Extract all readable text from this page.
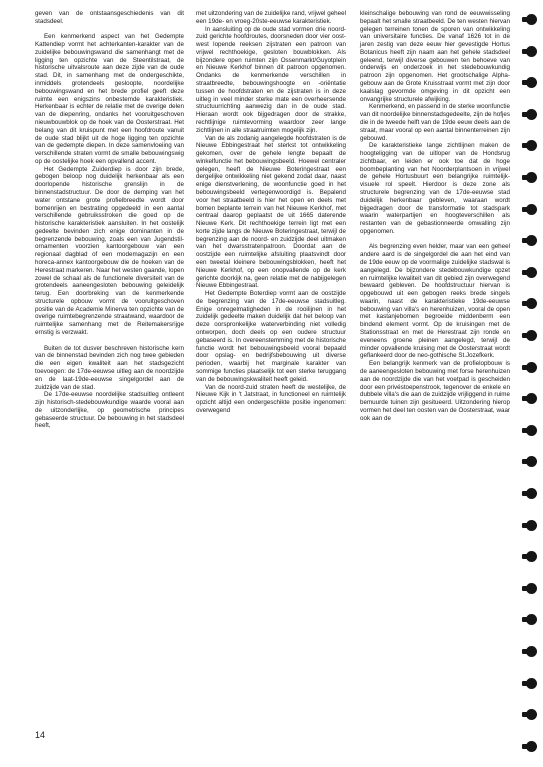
geven van de ontstaansgeschiedenis van dit stadsdeel.

Een kenmerkend aspect van het Gedempte Kattendiep vormt het achterkanten-karakter van de zuidelijke bebouwingswand die samenhangt met de ligging ten opzichte van de Steentilstraat, de historische uitvalsroute aan deze zijde van de oude stad. Dit, in samenhang met de ondergeschikte, inmiddels grotendeels gesloopte, noordelijke bebouwingswand en het brede profiel geeft deze ruimte een enigszins onbestemde karakteristiek. Herkenbaar is echter de relatie met de overige delen van de diepenring, ondanks het vooruitgeschoven nieuwbouwblok op de hoek van de Oosterstraat. Het belang van dit kruispunt met een hoofdroute vanuit de oude stad blijkt uit de hoge ligging ten opzichte van de gedempte diepen. In deze samenvloeiing van verschillende straten vormt de smalle bebouwingswig op de oostelijke hoek een opvallend accent.

Het Gedempte Zuiderdiep is door zijn brede, gebogen beloop nog duidelijk herkenbaar als een doorlopende historische grenslijn in de binnenstadstructuur. De door de demping van het water ontstane grote profielbreedte wordt door bomenrijen en bestrating opgedeeld in een aantal verschillende gebruiksstroken die goed op de historische karakteristiek aansluiten. In het oostelijk gedeelte bevinden zich enige dominanten in de begrenzende bebouwing, zoals een van Jugendstil-ornamenten voorzien kantoorgebouw van een regionaal dagblad of een modemagazijn en een horeca-annex kantoorgebouw die de hoeken van de Herestraat markeren. Naar het westen gaande, lopen zowel de schaal als de functionele diversiteit van de grotendeels aaneengesloten bebouwing geleidelijk terug. Een doorbreking van de kenmerkende structurele opbouw vormt de vooruitgeschoven positie van de Academie Minerva ten opzichte van de overige ruimtebegrenzende straatwand, waardoor de ruimtelijke samenhang met de Reitemakersrijge ernstig is verzwakt.

Buiten de tot dusver beschreven historische kern van de binnenstad bevinden zich nog twee gebieden die een eigen kwaliteit aan het stadsgezicht toevoegen: de 17de-eeuwse uitleg aan de noordzijde en de laat-19de-eeuwse singelgordel aan de zuidzijde van de stad.

De 17de-eeuwse noordelijke stadsuitleg ontleent zijn historisch-stedebouwkundige waarde vooral aan de uitzonderlijke, op geometrische principes gebaseerde structuur. De bebouwing in het stadsdeel heeft,

met uitzondering van de zuidelijke rand, vrijwel geheel een 19de- en vroeg-20ste-eeuwse karakteristiek.

In aansluiting op de oude stad vormen drie noord-zuid gerichte hoofdroutes, doorsneden door vier oost-west lopende reeksen zijstraten een patroon van vrijwel rechthoekige, gesloten bouwblokken. Als bijzondere open ruimten zijn Ossenmarkt/Guyotplein en Nieuwe Kerkhof binnen dit patroon opgenomen. Ondanks de kenmerkende verschillen in straatbreedte, bebouwingshoogte en -oriëntatie tussen de hoofdstraten en de zijstraten is in deze uitleg in veel minder sterke mate een overheersende structuurrichting aanwezig dan in de oude stad. Hieraan wordt ook bijgedragen door de strakke, rechtlijnige ruimtevorming waardoor zeer lange zichtlijnen in alle straatruimten mogelijk zijn.

Van de als zodanig aangelegde hoofdstraten is de Nieuwe Ebbingestraat het sterkst tot ontwikkeling gekomen, over de gehele lengte bepaalt de winkelfunctie het bebouwingsbeeld. Hoewel centraler gelegen, heeft de Nieuwe Boteringestraat een dergelijke ontwikkeling niet gekend zodat daar, naast enige dienstverlening, de woonfunctie goed in het bebouwingsbeeld vertegenwoordigd is. Bepalend voor het straatbeeld is hier het open en deels met bomen beplante terrein van het Nieuwe Kerkhof, met centraal daarop geplaatst de uit 1665 daterende Nieuwe Kerk. Dit rechthoekige terrein ligt met een korte zijde langs de Nieuwe Boteringestraat, terwijl de begrenzing aan de noord- en zuidzijde deel uitmaken van het dwarsstratenpatroon. Doordat aan de oostzijde een ruimtelijke afsluiting plaatsvindt door een tweetal kleinere bebouwingsblokken, heeft het Nieuwe Kerkhof, op een onopvallende op de kerk gerichte doorkijk na, geen relatie met de nabijgelegen Nieuwe Ebbingestraat.

Het Gedempte Boterdiep vormt aan de oostzijde de begrenzing van de 17de-eeuwse stadsuitleg. Enige onregelmatigheden in de rooilijnen in het zuidelijk gedeelte maken duidelijk dat het beloop van deze oorspronkelijke waterverbinding niet volledig ontworpen, doch deels op een oudere structuur gebaseerd is. In overeenstemming met de historische functie wordt het bebouwingsbeeld vooral bepaald door opslag- en bedrijfsbebouwing uit diverse perioden, waarbij het marginale karakter van sommige functies plaatselijk tot een sterke teruggang van de bebouwingskwaliteit heeft geleid.

Van de noord-zuid straten heeft de westelijke, de Nieuwe Kijk in 't Jatstraat, in functioneel en ruimtelijk opzicht altijd een ondergeschikte positie ingenomen: overwegend

kleinschalige bebouwing van rond de eeuwwisseling bepaalt het smalle straatbeeld. De ten westen hiervan gelegen terreinen tonen de sporen van ontwikkeling van universitaire functies. De vanaf 1626 tot in de jaren zestig van deze eeuw hier gevestigde Hortus Botanicus heeft zijn naam aan het gehele stadsdeel geleend, terwijl diverse gebouwen ten behoeve van onderwijs en onderzoek in het stedebouwkundig patroon zijn opgenomen. Het grootschalige Alpha-gebouw aan de Grote Kruisstraat vormt met zijn door kaalslag gevormde omgeving in dit opzicht een onvangrijke structurele afwijking.

Kenmerkend, en passend in de sterke woonfunctie van dit noordelijke binnenstadsgedeelte, zijn de hofjes die in de tweede helft van de 19de eeuw deels aan de straat, maar vooral op een aantal binnenterreinen zijn gebouwd.

De karakteristieke lange zichtlijnen maken de hoogteligging van de uitloper van de Hondsrug zichtbaar, en leiden er ook toe dat de hoge boombeplanting van het Noorderplantsoen in vrijwel de gehele Hortusbuurt een belangrijke ruimtelijk-visuele rol speelt. Hierdoor is deze zone als structurele begrenzing van de 17de-eeuwse stad duidelijk herkenbaar gebleven, waaraan wordt bijgedragen door de transformatie tot stadspark waarin waterpartijen en hoogteverschillen als restanten van de gebastionneerde omwalling zijn opgenomen.

Als begrenzing even helder, maar van een geheel andere aard is de singelgordel die aan het eind van de 19de eeuw op de voormalige zuidelijke stadswal is aangelegd. De bijzondere stedebouwkundige opzet en ruimtelijke kwaliteit van dit gebied zijn overwegend bewaard gebleven. De hoofdstructuur hiervan is opgebouwd uit een gebogen reeks brede singels waarin, naast de karakteristieke 19de-eeuwse bebouwing van villa's en herenhuizen, vooral de open met kastanjebomen begroeide middenberm een bindend element vormt. Op de kruisingen met de Stationsstraat en met de Herestraat zijn ronde en eveneens groene pleinen aangelegd, terwijl de minder opvallende kruising met de Oosterstraat wordt geflankeerd door de neo-gothische St.Jozefkerk.

Een belangrijk kenmerk van de profielopbouw is de aaneengesloten bebouwing met forse herenhuizen aan de noordzijde die van het voetpad is gescheiden door een privéstoepenstrook, tegenover de enkele en dubbele villa's die aan de zuidzijde vrijliggend in ruime bemuurde tuinen zijn gesitueerd. Uitzondering hierop vormen het deel ten oosten van de Oosterstraat, waar ook aan de

14
